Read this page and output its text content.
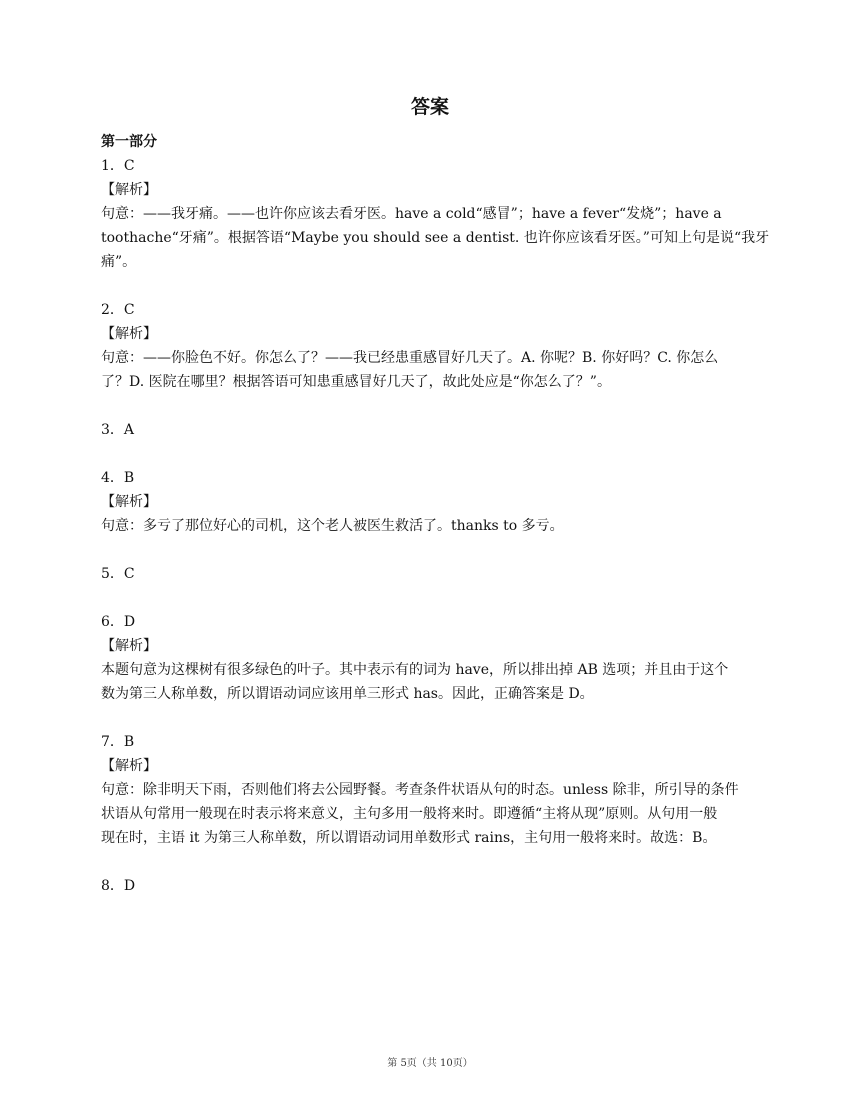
答案
第一部分
1．C
【解析】
句意：——我牙痛。——也许你应该去看牙医。have a cold“感冒”；have a fever“发烧”；have a
toothache“牙痛”。根据答语“Maybe you should see a dentist. 也许你应该看牙医。”可知上句是说“我牙痛”。
2．C
【解析】
句意：——你脸色不好。你怎么了？——我已经患重感冒好几天了。A. 你呢？B. 你好吗？C. 你怎么
了？D. 医院在哪里？根据答语可知患重感冒好几天了，故此处应是“你怎么了？”。
3．A
4．B
【解析】
句意：多亏了那位好心的司机，这个老人被医生救活了。thanks to 多亏。
5．C
6．D
【解析】
本题句意为这棵树有很多绿色的叶子。其中表示有的词为 have，所以排出掉 AB 选项；并且由于这个
数为第三人称单数，所以谓语动词应该用单三形式 has。因此，正确答案是 D。
7．B
【解析】
句意：除非明天下雨，否则他们将去公园野餐。考查条件状语从句的时态。unless 除非，所引导的条件
状语从句常用一般现在时表示将来意义，主句多用一般将来时。即遵循“主将从现”原则。从句用一般
现在时，主语 it 为第三人称单数，所以谓语动词用单数形式 rains，主句用一般将来时。故选：B。
8．D
第 5页（共 10页）
